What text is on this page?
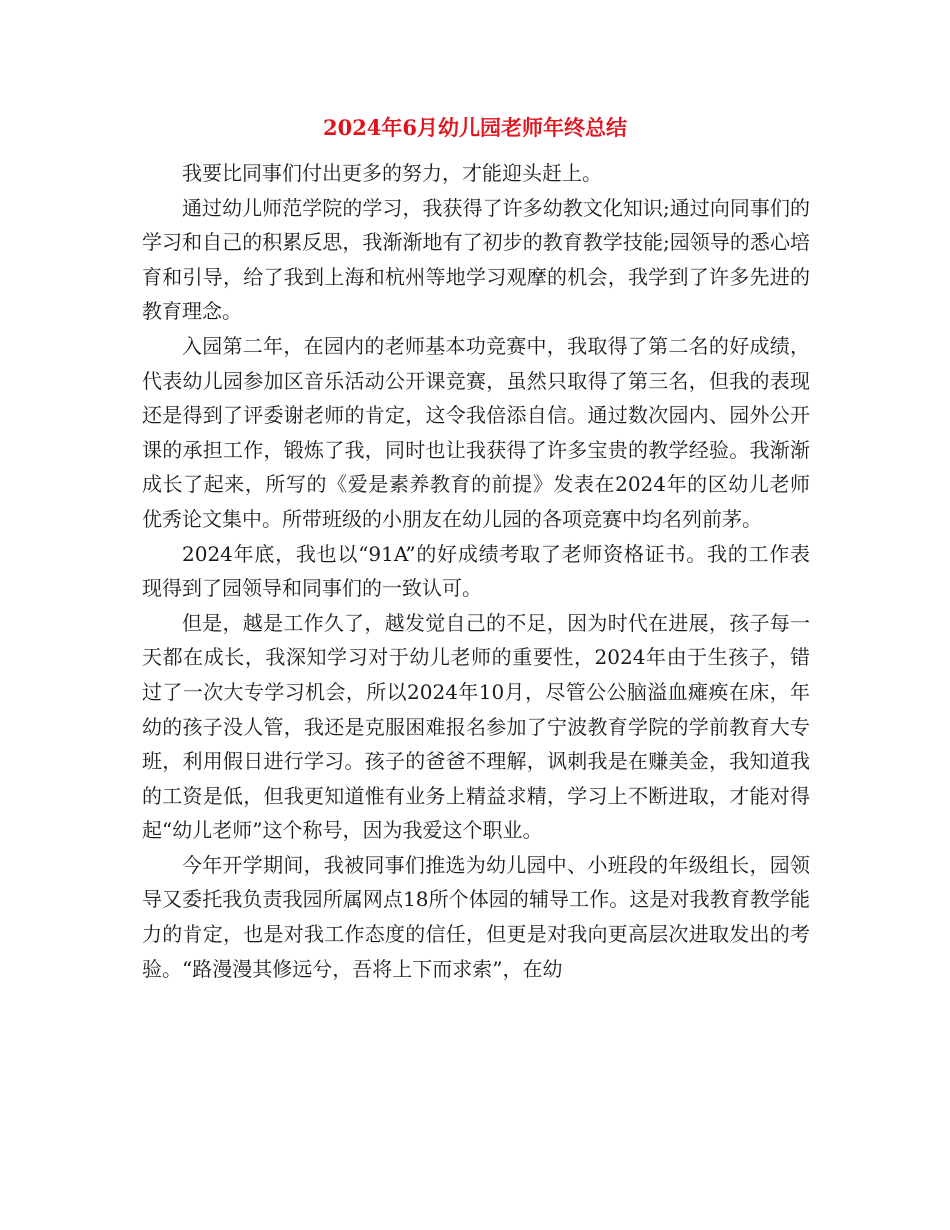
2024年6月幼儿园老师年终总结

我要比同事们付出更多的努力，才能迎头赶上。

通过幼儿师范学院的学习，我获得了许多幼教文化知识;通过向同事们的学习和自己的积累反思，我渐渐地有了初步的教育教学技能;园领导的悉心培育和引导，给了我到上海和杭州等地学习观摩的机会，我学到了许多先进的教育理念。

入园第二年，在园内的老师基本功竞赛中，我取得了第二名的好成绩，代表幼儿园参加区音乐活动公开课竞赛，虽然只取得了第三名，但我的表现还是得到了评委谢老师的肯定，这令我倍添自信。通过数次园内、园外公开课的承担工作，锻炼了我，同时也让我获得了许多宝贵的教学经验。我渐渐成长了起来，所写的《爱是素养教育的前提》发表在2024年的区幼儿老师优秀论文集中。所带班级的小朋友在幼儿园的各项竞赛中均名列前茅。

2024年底，我也以“91A”的好成绩考取了老师资格证书。我的工作表现得到了园领导和同事们的一致认可。

但是，越是工作久了，越发觉自己的不足，因为时代在进展，孩子每一天都在成长，我深知学习对于幼儿老师的重要性，2024年由于生孩子，错过了一次大专学习机会，所以2024年10月，尽管公公脑溢血瘫痪在床，年幼的孩子没人管，我还是克服困难报名参加了宁波教育学院的学前教育大专班，利用假日进行学习。孩子的爸爸不理解，讽刺我是在赚美金，我知道我的工资是低，但我更知道惟有业务上精益求精，学习上不断进取，才能对得起“幼儿老师”这个称号，因为我爱这个职业。

今年开学期间，我被同事们推选为幼儿园中、小班段的年级组长，园领导又委托我负责我园所属网点18所个体园的辅导工作。这是对我教育教学能力的肯定，也是对我工作态度的信任，但更是对我向更高层次进取发出的考验。“路漫漫其修远兮，吾将上下而求索”，在幼
